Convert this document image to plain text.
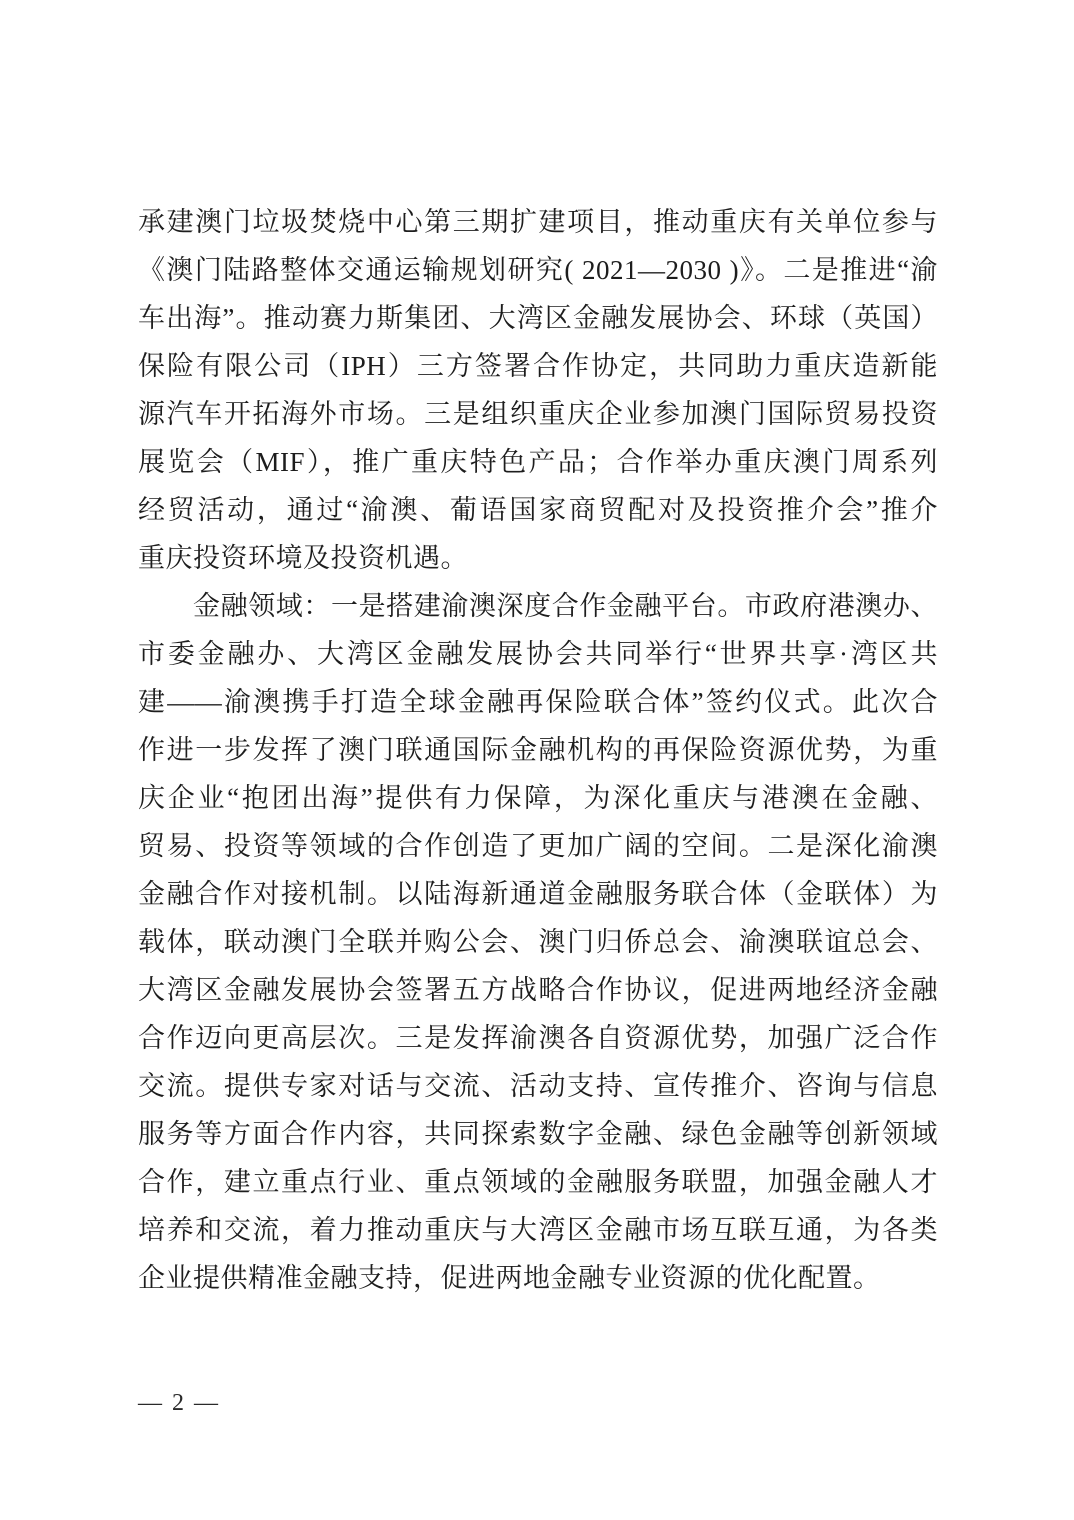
承建澳门垃圾焚烧中心第三期扩建项目，推动重庆有关单位参与
《澳门陆路整体交通运输规划研究( 2021—2030 )》。二是推进“渝
车出海”。推动赛力斯集团、大湾区金融发展协会、环球（英国）
保险有限公司（IPH）三方签署合作协定，共同助力重庆造新能
源汽车开拓海外市场。三是组织重庆企业参加澳门国际贸易投资
展览会（MIF），推广重庆特色产品；合作举办重庆澳门周系列
经贸活动，通过“渝澳、葡语国家商贸配对及投资推介会”推介
重庆投资环境及投资机遇。
金融领域：一是搭建渝澳深度合作金融平台。市政府港澳办、
市委金融办、大湾区金融发展协会共同举行“世界共享·湾区共
建——渝澳携手打造全球金融再保险联合体”签约仪式。此次合
作进一步发挥了澳门联通国际金融机构的再保险资源优势，为重
庆企业“抱团出海”提供有力保障，为深化重庆与港澳在金融、
贸易、投资等领域的合作创造了更加广阔的空间。二是深化渝澳
金融合作对接机制。以陆海新通道金融服务联合体（金联体）为
载体，联动澳门全联并购公会、澳门归侨总会、渝澳联谊总会、
大湾区金融发展协会签署五方战略合作协议，促进两地经济金融
合作迈向更高层次。三是发挥渝澳各自资源优势，加强广泛合作
交流。提供专家对话与交流、活动支持、宣传推介、咨询与信息
服务等方面合作内容，共同探索数字金融、绿色金融等创新领域
合作，建立重点行业、重点领域的金融服务联盟，加强金融人才
培养和交流，着力推动重庆与大湾区金融市场互联互通，为各类
企业提供精准金融支持，促进两地金融专业资源的优化配置。
— 2 —
